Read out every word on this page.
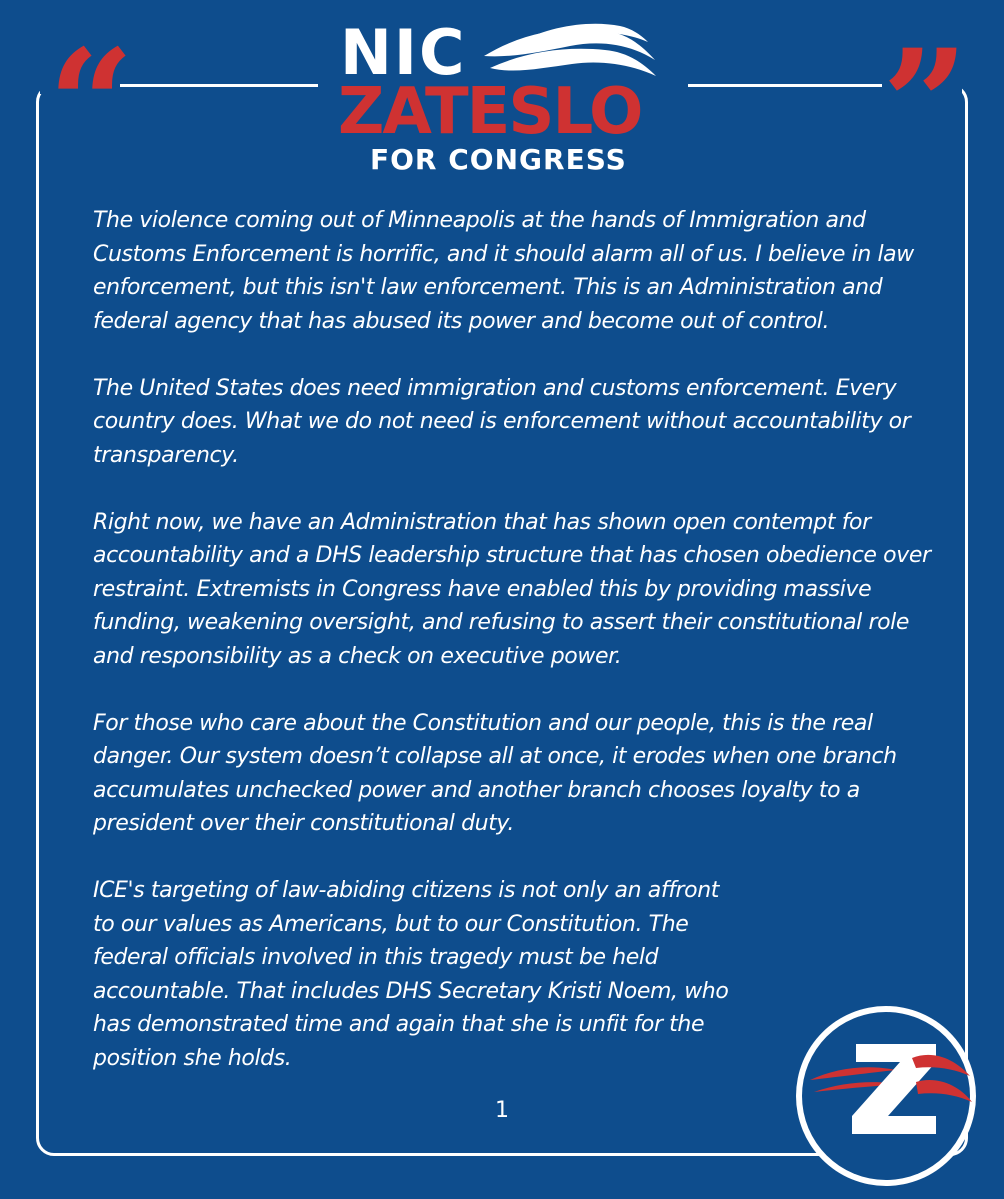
“	”
NIC
ZATESLO
FOR CONGRESS

The violence coming out of Minneapolis at the hands of Immigration and Customs Enforcement is horrific, and it should alarm all of us. I believe in law enforcement, but this isn't law enforcement. This is an Administration and federal agency that has abused its power and become out of control.

The United States does need immigration and customs enforcement. Every country does. What we do not need is enforcement without accountability or transparency.

Right now, we have an Administration that has shown open contempt for accountability and a DHS leadership structure that has chosen obedience over restraint. Extremists in Congress have enabled this by providing massive funding, weakening oversight, and refusing to assert their constitutional role and responsibility as a check on executive power.

For those who care about the Constitution and our people, this is the real danger. Our system doesn’t collapse all at once, it erodes when one branch accumulates unchecked power and another branch chooses loyalty to a president over their constitutional duty.

ICE's targeting of law-abiding citizens is not only an affront to our values as Americans, but to our Constitution. The federal officials involved in this tragedy must be held accountable. That includes DHS Secretary Kristi Noem, who has demonstrated time and again that she is unfit for the position she holds.

1
